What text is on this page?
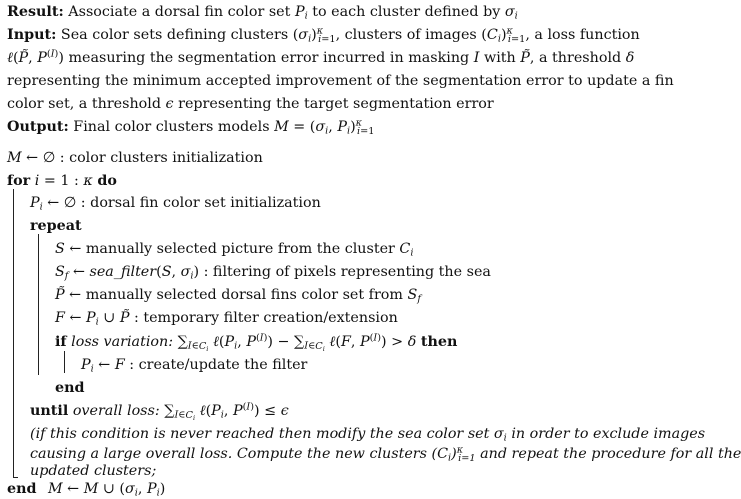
Result: Associate a dorsal fin color set $P_i$ to each cluster defined by $\sigma_i$
Input: Sea color sets defining clusters $(\sigma_i)^\kappa_{i=1}$, clusters of images $(C_i)^\kappa_{i=1}$, a loss function
ℓ(P̃, $P^{(I)}$) measuring the segmentation error incurred in masking I with P̃, a threshold δ
representing the minimum accepted improvement of the segmentation error to update a fin
color set, a threshold ϵ representing the target segmentation error
Output: Final color clusters models $M = (\sigma_i$, $P_i)^\kappa_{i=1}$
M ← ∅ : color clusters initialization
for i = 1 : κ do
$P_i$ ← ∅ : dorsal fin color set initialization
repeat
S ← manually selected picture from the cluster $C_i$
$S_f$ ← sea_filter(S, $\sigma_i$) : filtering of pixels representing the sea
P̃ ← manually selected dorsal fins color set from $S_f$
F ← $P_i$ ∪ P̃ : temporary filter creation/extension
if loss variation: $\sum_{I\in C_i}$ $\ell(P_i$, $P^{(I)}) - \sum_{I\in C_i}$ ℓ(F, $P^{(I)}) > \delta$ then
$P_i$ ← F : create/update the filter
end
until overall loss: $\sum_{I\in C_i}$ $\ell(P_i$, $P^{(I)}) \le \epsilon$
(if this condition is never reached then modify the sea color set $\sigma_i$ in order to exclude images
causing a large overall loss. Compute the new clusters $(C_i)^\kappa_{i=1}$ and repeat the procedure for all the
updated clusters;
end M ← M ∪ ($\sigma_i$, $P_i$)
